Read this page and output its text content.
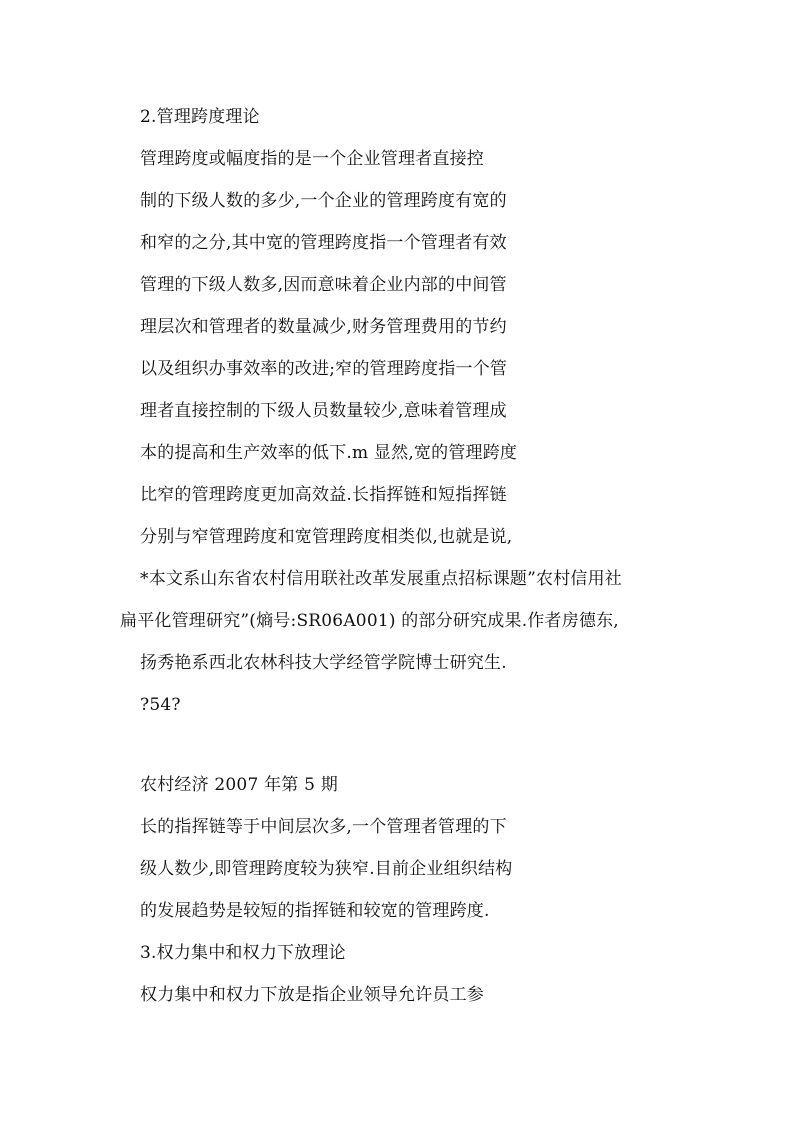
2.管理跨度理论
管理跨度或幅度指的是一个企业管理者直接控
制的下级人数的多少,一个企业的管理跨度有宽的
和窄的之分,其中宽的管理跨度指一个管理者有效
管理的下级人数多,因而意味着企业内部的中间管
理层次和管理者的数量减少,财务管理费用的节约
以及组织办事效率的改进;窄的管理跨度指一个管
理者直接控制的下级人员数量较少,意味着管理成
本的提高和生产效率的低下.m 显然,宽的管理跨度
比窄的管理跨度更加高效益.长指挥链和短指挥链
分别与窄管理跨度和宽管理跨度相类似,也就是说,
*本文系山东省农村信用联社改革发展重点招标课题”农村信用社
扁平化管理研究”(熵号:SR06A001) 的部分研究成果.作者房德东,
扬秀艳系西北农林科技大学经管学院博士研究生.
?54?
农村经济 2007 年第 5 期
长的指挥链等于中间层次多,一个管理者管理的下
级人数少,即管理跨度较为狭窄.目前企业组织结构
的发展趋势是较短的指挥链和较宽的管理跨度.
3.权力集中和权力下放理论
权力集中和权力下放是指企业领导允许员工参
